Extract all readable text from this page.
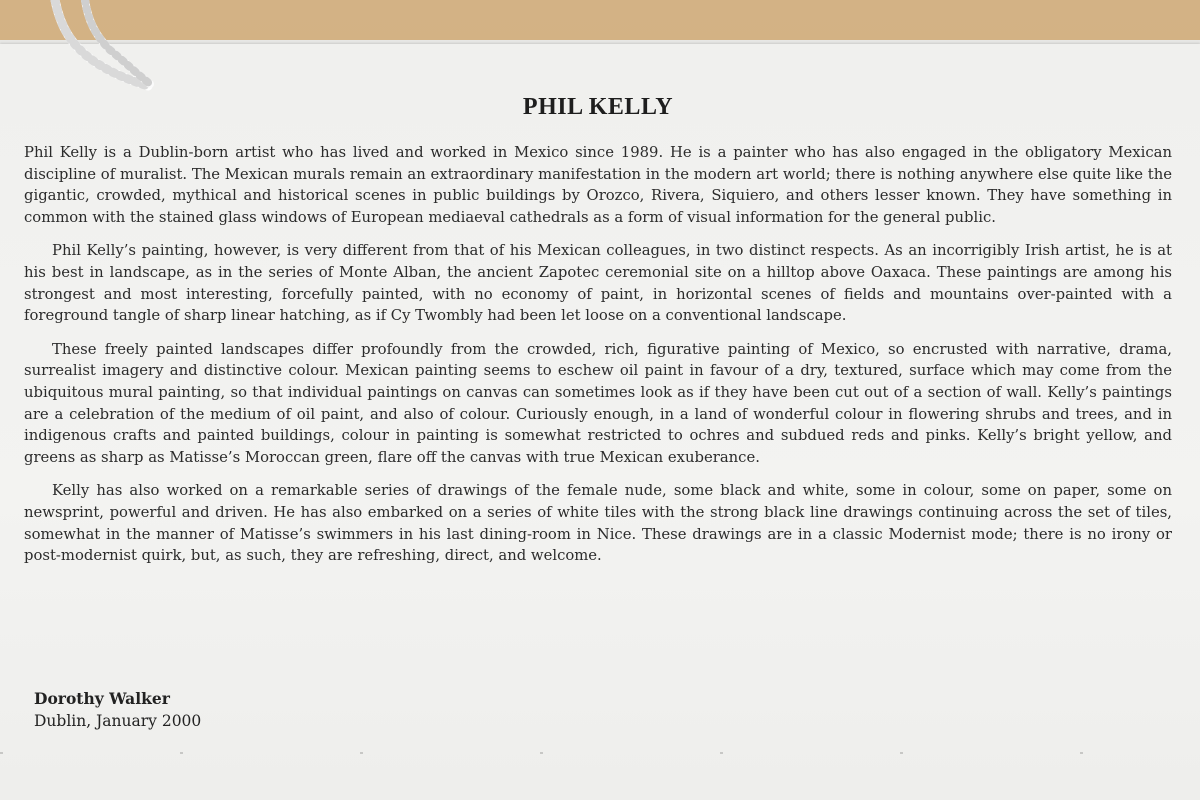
PHIL KELLY

Phil Kelly is a Dublin-born artist who has lived and worked in Mexico since 1989. He is a painter who has also engaged in the obligatory Mexican discipline of muralist. The Mexican murals remain an extraordinary manifestation in the modern art world; there is nothing anywhere else quite like the gigantic, crowded, mythical and historical scenes in public buildings by Orozco, Rivera, Siquiero, and others lesser known. They have something in common with the stained glass windows of European mediaeval cathedrals as a form of visual information for the general public.

Phil Kelly’s painting, however, is very different from that of his Mexican colleagues, in two distinct respects. As an incorrigibly Irish artist, he is at his best in landscape, as in the series of Monte Alban, the ancient Zapotec ceremonial site on a hilltop above Oaxaca. These paintings are among his strongest and most interesting, forcefully painted, with no economy of paint, in horizontal scenes of fields and mountains over-painted with a foreground tangle of sharp linear hatching, as if Cy Twombly had been let loose on a conventional landscape.

These freely painted landscapes differ profoundly from the crowded, rich, figurative painting of Mexico, so encrusted with narrative, drama, surrealist imagery and distinctive colour. Mexican painting seems to eschew oil paint in favour of a dry, textured, surface which may come from the ubiquitous mural painting, so that individual paintings on canvas can sometimes look as if they have been cut out of a section of wall. Kelly’s paintings are a celebration of the medium of oil paint, and also of colour. Curiously enough, in a land of wonderful colour in flowering shrubs and trees, and in indigenous crafts and painted buildings, colour in painting is somewhat restricted to ochres and subdued reds and pinks. Kelly’s bright yellow, and greens as sharp as Matisse’s Moroccan green, flare off the canvas with true Mexican exuberance.

Kelly has also worked on a remarkable series of drawings of the female nude, some black and white, some in colour, some on paper, some on newsprint, powerful and driven. He has also embarked on a series of white tiles with the strong black line drawings continuing across the set of tiles, somewhat in the manner of Matisse’s swimmers in his last dining-room in Nice. These drawings are in a classic Modernist mode; there is no irony or post-modernist quirk, but, as such, they are refreshing, direct, and welcome.

Dorothy Walker
Dublin, January 2000
